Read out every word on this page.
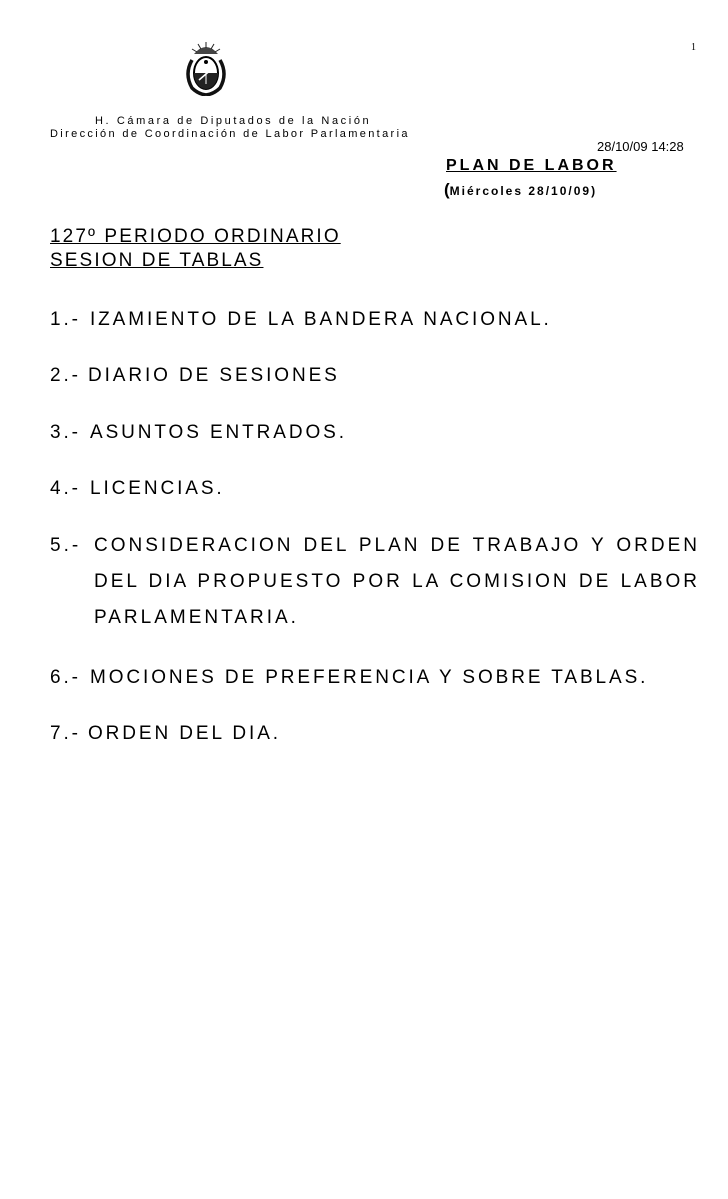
1
H. Cámara de Diputados de la Nación
Dirección de Coordinación de Labor Parlamentaria
28/10/09 14:28
PLAN DE LABOR
(Miércoles 28/10/09)
127º PERIODO ORDINARIO
SESION DE TABLAS
1.- IZAMIENTO DE LA BANDERA NACIONAL.
2.- DIARIO DE SESIONES
3.- ASUNTOS ENTRADOS.
4.- LICENCIAS.
5.- CONSIDERACION DEL PLAN DE TRABAJO Y ORDEN DEL DIA PROPUESTO POR LA COMISION DE LABOR PARLAMENTARIA.
6.- MOCIONES DE PREFERENCIA Y SOBRE TABLAS.
7.- ORDEN DEL DIA.
